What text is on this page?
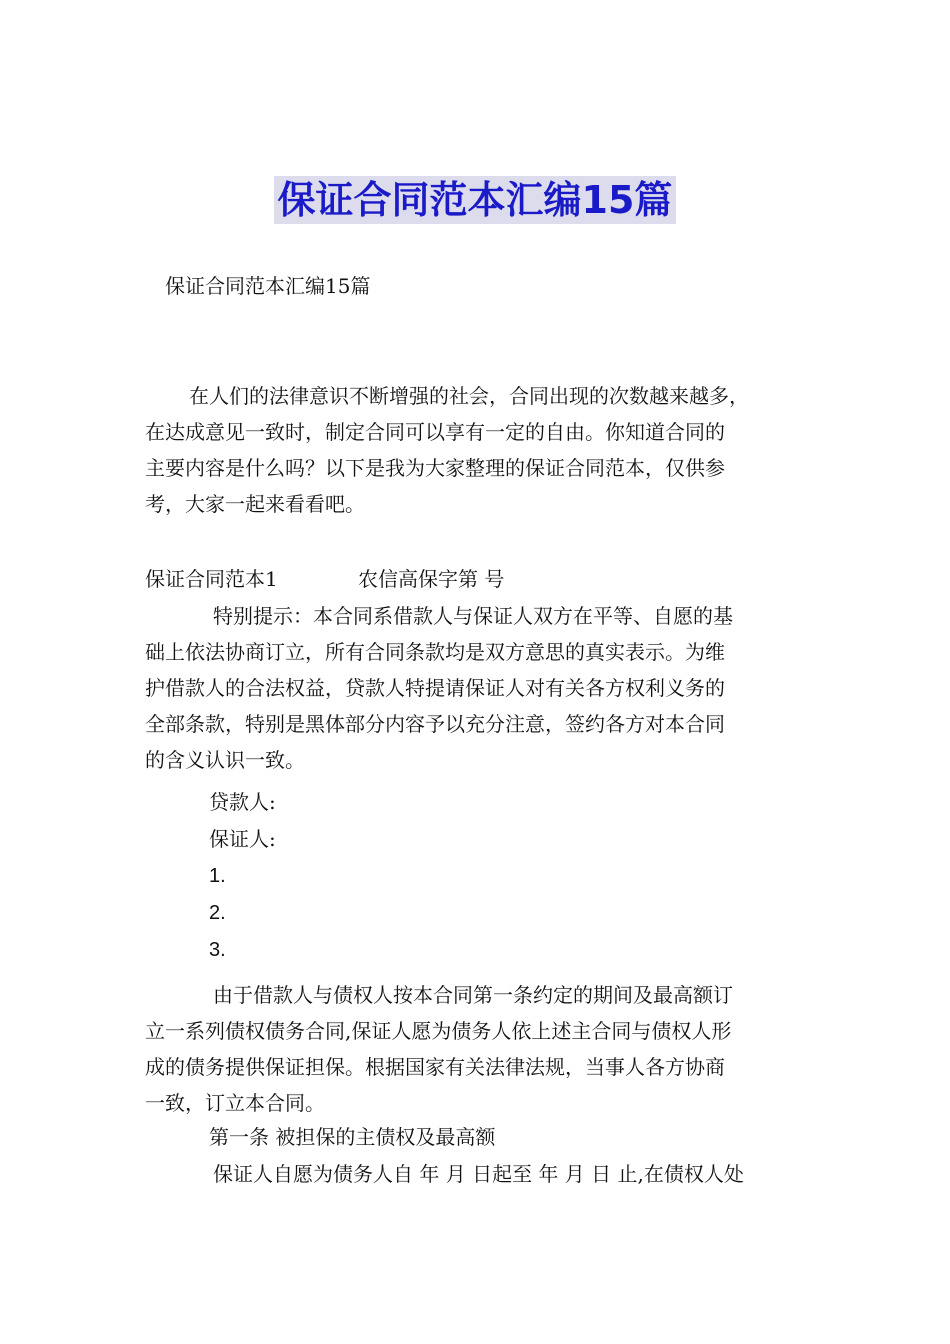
保证合同范本汇编15篇
保证合同范本汇编15篇
在人们的法律意识不断增强的社会，合同出现的次数越来越多，
在达成意见一致时，制定合同可以享有一定的自由。你知道合同的
主要内容是什么吗？以下是我为大家整理的保证合同范本，仅供参
考，大家一起来看看吧。
保证合同范本1	农信高保字第 号
特别提示：本合同系借款人与保证人双方在平等、自愿的基
础上依法协商订立，所有合同条款均是双方意思的真实表示。为维
护借款人的合法权益，贷款人特提请保证人对有关各方权利义务的
全部条款，特别是黑体部分内容予以充分注意，签约各方对本合同
的含义认识一致。
贷款人:
保证人:
1.
2.
3.
由于借款人与债权人按本合同第一条约定的期间及最高额订
立一系列债权债务合同,保证人愿为债务人依上述主合同与债权人形
成的债务提供保证担保。根据国家有关法律法规，当事人各方协商
一致，订立本合同。
第一条 被担保的主债权及最高额
保证人自愿为债务人自 年 月 日起至 年 月 日 止,在债权人处
